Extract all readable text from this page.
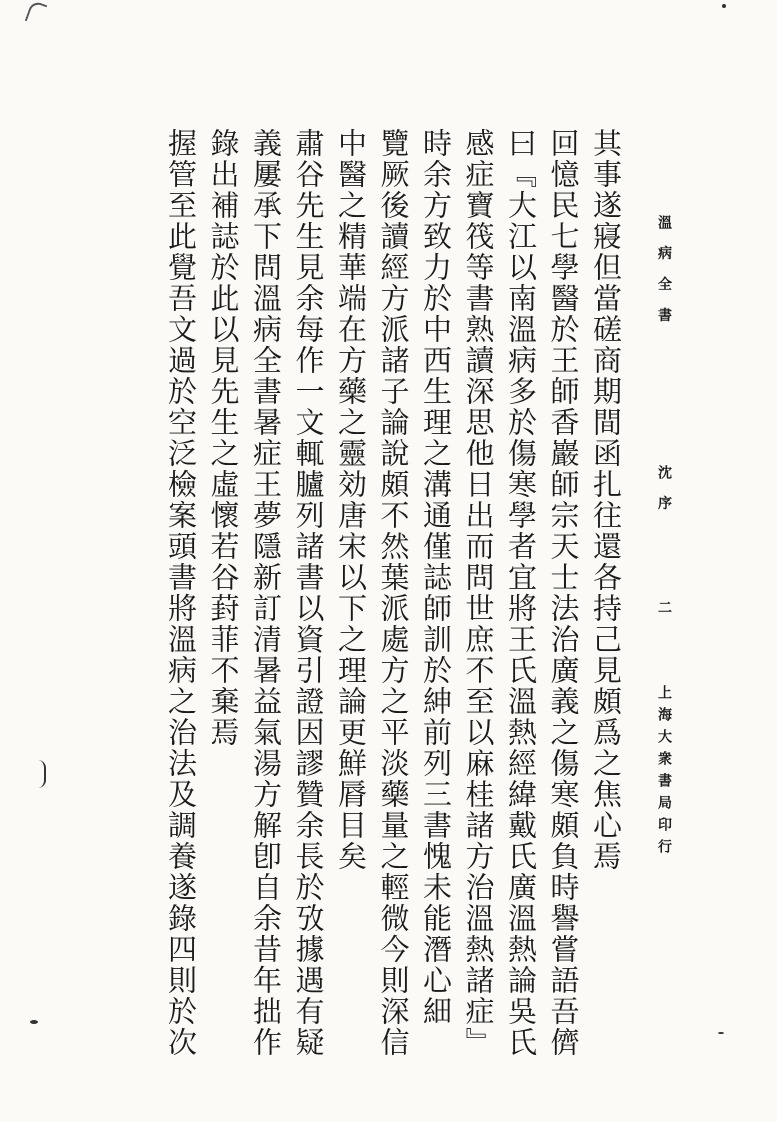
溫 病 全 書
沈 序
二
上海大衆書局印行
其事遂寢但當磋商期間函扎往還各持己見頗爲之焦心焉
回憶民七學醫於王師香巖師宗天士法治廣義之傷寒頗負時譽嘗語吾儕
曰『大江以南溫病多於傷寒學者宜將王氏溫熱經緯戴氏廣溫熱論吳氏
感症寶筏等書熟讀深思他日出而問世庶不至以麻桂諸方治溫熱諸症』
時余方致力於中西生理之溝通僅誌師訓於紳前列三書愧未能潛心細
覽厥後讀經方派諸子論說頗不然葉派處方之平淡藥量之輕微今則深信
中醫之精華端在方藥之靈効唐宋以下之理論更鮮脣目矣
肅谷先生見余每作一文輒臚列諸書以資引證因謬贊余長於攷據遇有疑
義屢承下問溫病全書暑症王夢隱新訂清暑益氣湯方解卽自余昔年拙作
錄出補誌於此以見先生之虛懷若谷葑菲不棄焉
握管至此覺吾文過於空泛檢案頭書將溫病之治法及調養遂錄四則於次
